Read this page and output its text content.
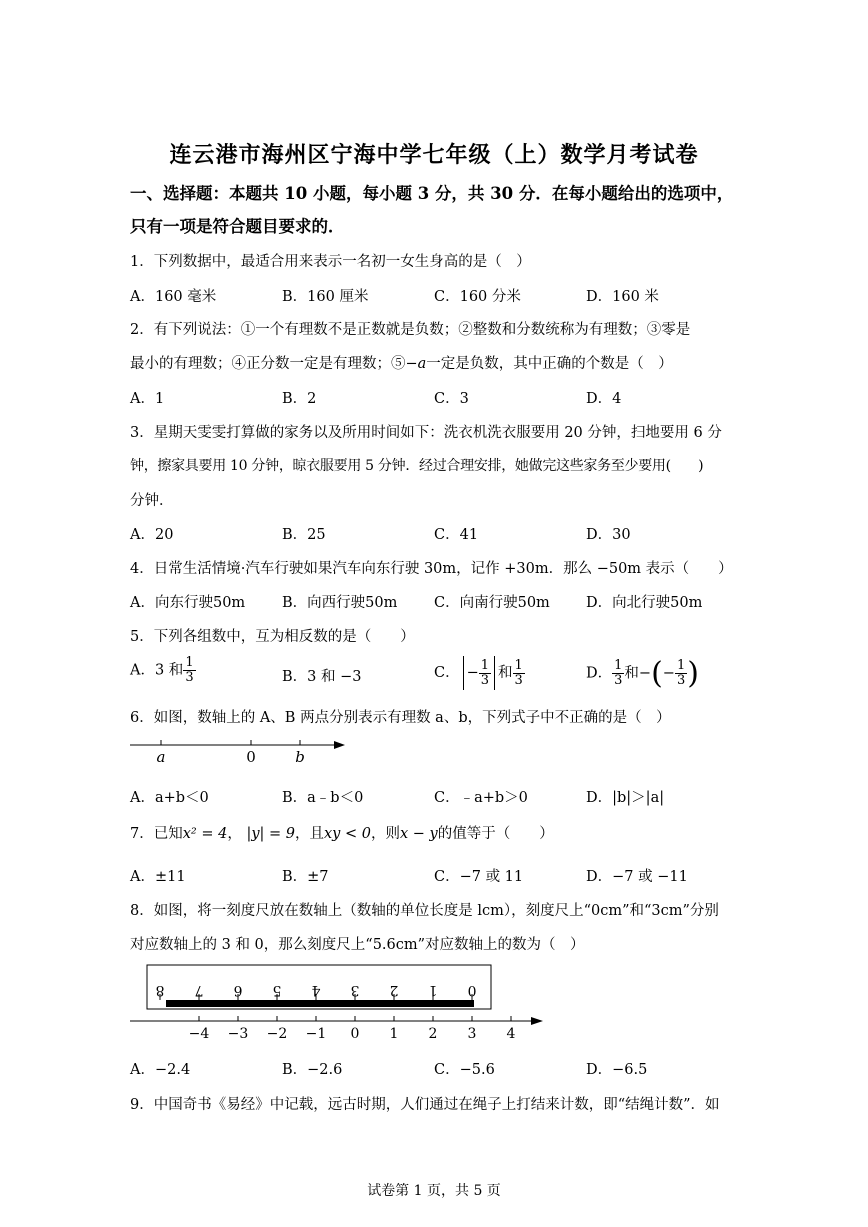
连云港市海州区宁海中学七年级（上）数学月考试卷
一、选择题：本题共 10 小题，每小题 3 分，共 30 分．在每小题给出的选项中，
只有一项是符合题目要求的．
1．下列数据中，最适合用来表示一名初一女生身高的是（　）
A．160 毫米	B．160 厘米	C．160 分米	D．160 米
2．有下列说法：①一个有理数不是正数就是负数；②整数和分数统称为有理数；③零是
最小的有理数；④正分数一定是有理数；⑤−a一定是负数，其中正确的个数是（　）
A．1	B．2	C．3	D．4
3．星期天雯雯打算做的家务以及所用时间如下：洗衣机洗衣服要用 20 分钟，扫地要用 6 分
钟，擦家具要用 10 分钟，晾衣服要用 5 分钟．经过合理安排，她做完这些家务至少要用(　　)
分钟．
A．20	B．25	C．41	D．30
4．日常生活情境·汽车行驶如果汽车向东行驶 30m，记作 +30m．那么 −50m 表示（　　）
A．向东行驶50m	B．向西行驶50m	C．向南行驶50m D．向北行驶50m
5．下列各组数中，互为相反数的是（　　）
A．3 和 $\frac{1}{3}$	B．3 和 −3	C． − $\frac{1}{3}$ 和 $\frac{1}{3}$	D． $\frac{1}{3}$ 和−(− $\frac{1}{3}$ )
6．如图，数轴上的 A、B 两点分别表示有理数 a、b，下列式子中不正确的是（　）
a	0	b
A．a+b＜0	B．a﹣b＜0	C．﹣a+b＞0	D．|b|＞|a|
7．已知x² = 4， |y| = 9，且xy < 0，则x − y的值等于（　　）
A．±11	B．±7	C．−7 或 11	D．−7 或 −11
8．如图，将一刻度尺放在数轴上（数轴的单位长度是 lcm），刻度尺上“0cm”和“3cm”分别
对应数轴上的 3 和 0，那么刻度尺上“5.6cm”对应数轴上的数为（　）
8 7 6 5 4 3 2 1 0
−4 −3 −2 −1 0 1 2 3 4
A．−2.4	B．−2.6	C．−5.6	D．−6.5
9．中国奇书《易经》中记载，远古时期，人们通过在绳子上打结来计数，即“结绳计数”．如
试卷第 1 页，共 5 页
